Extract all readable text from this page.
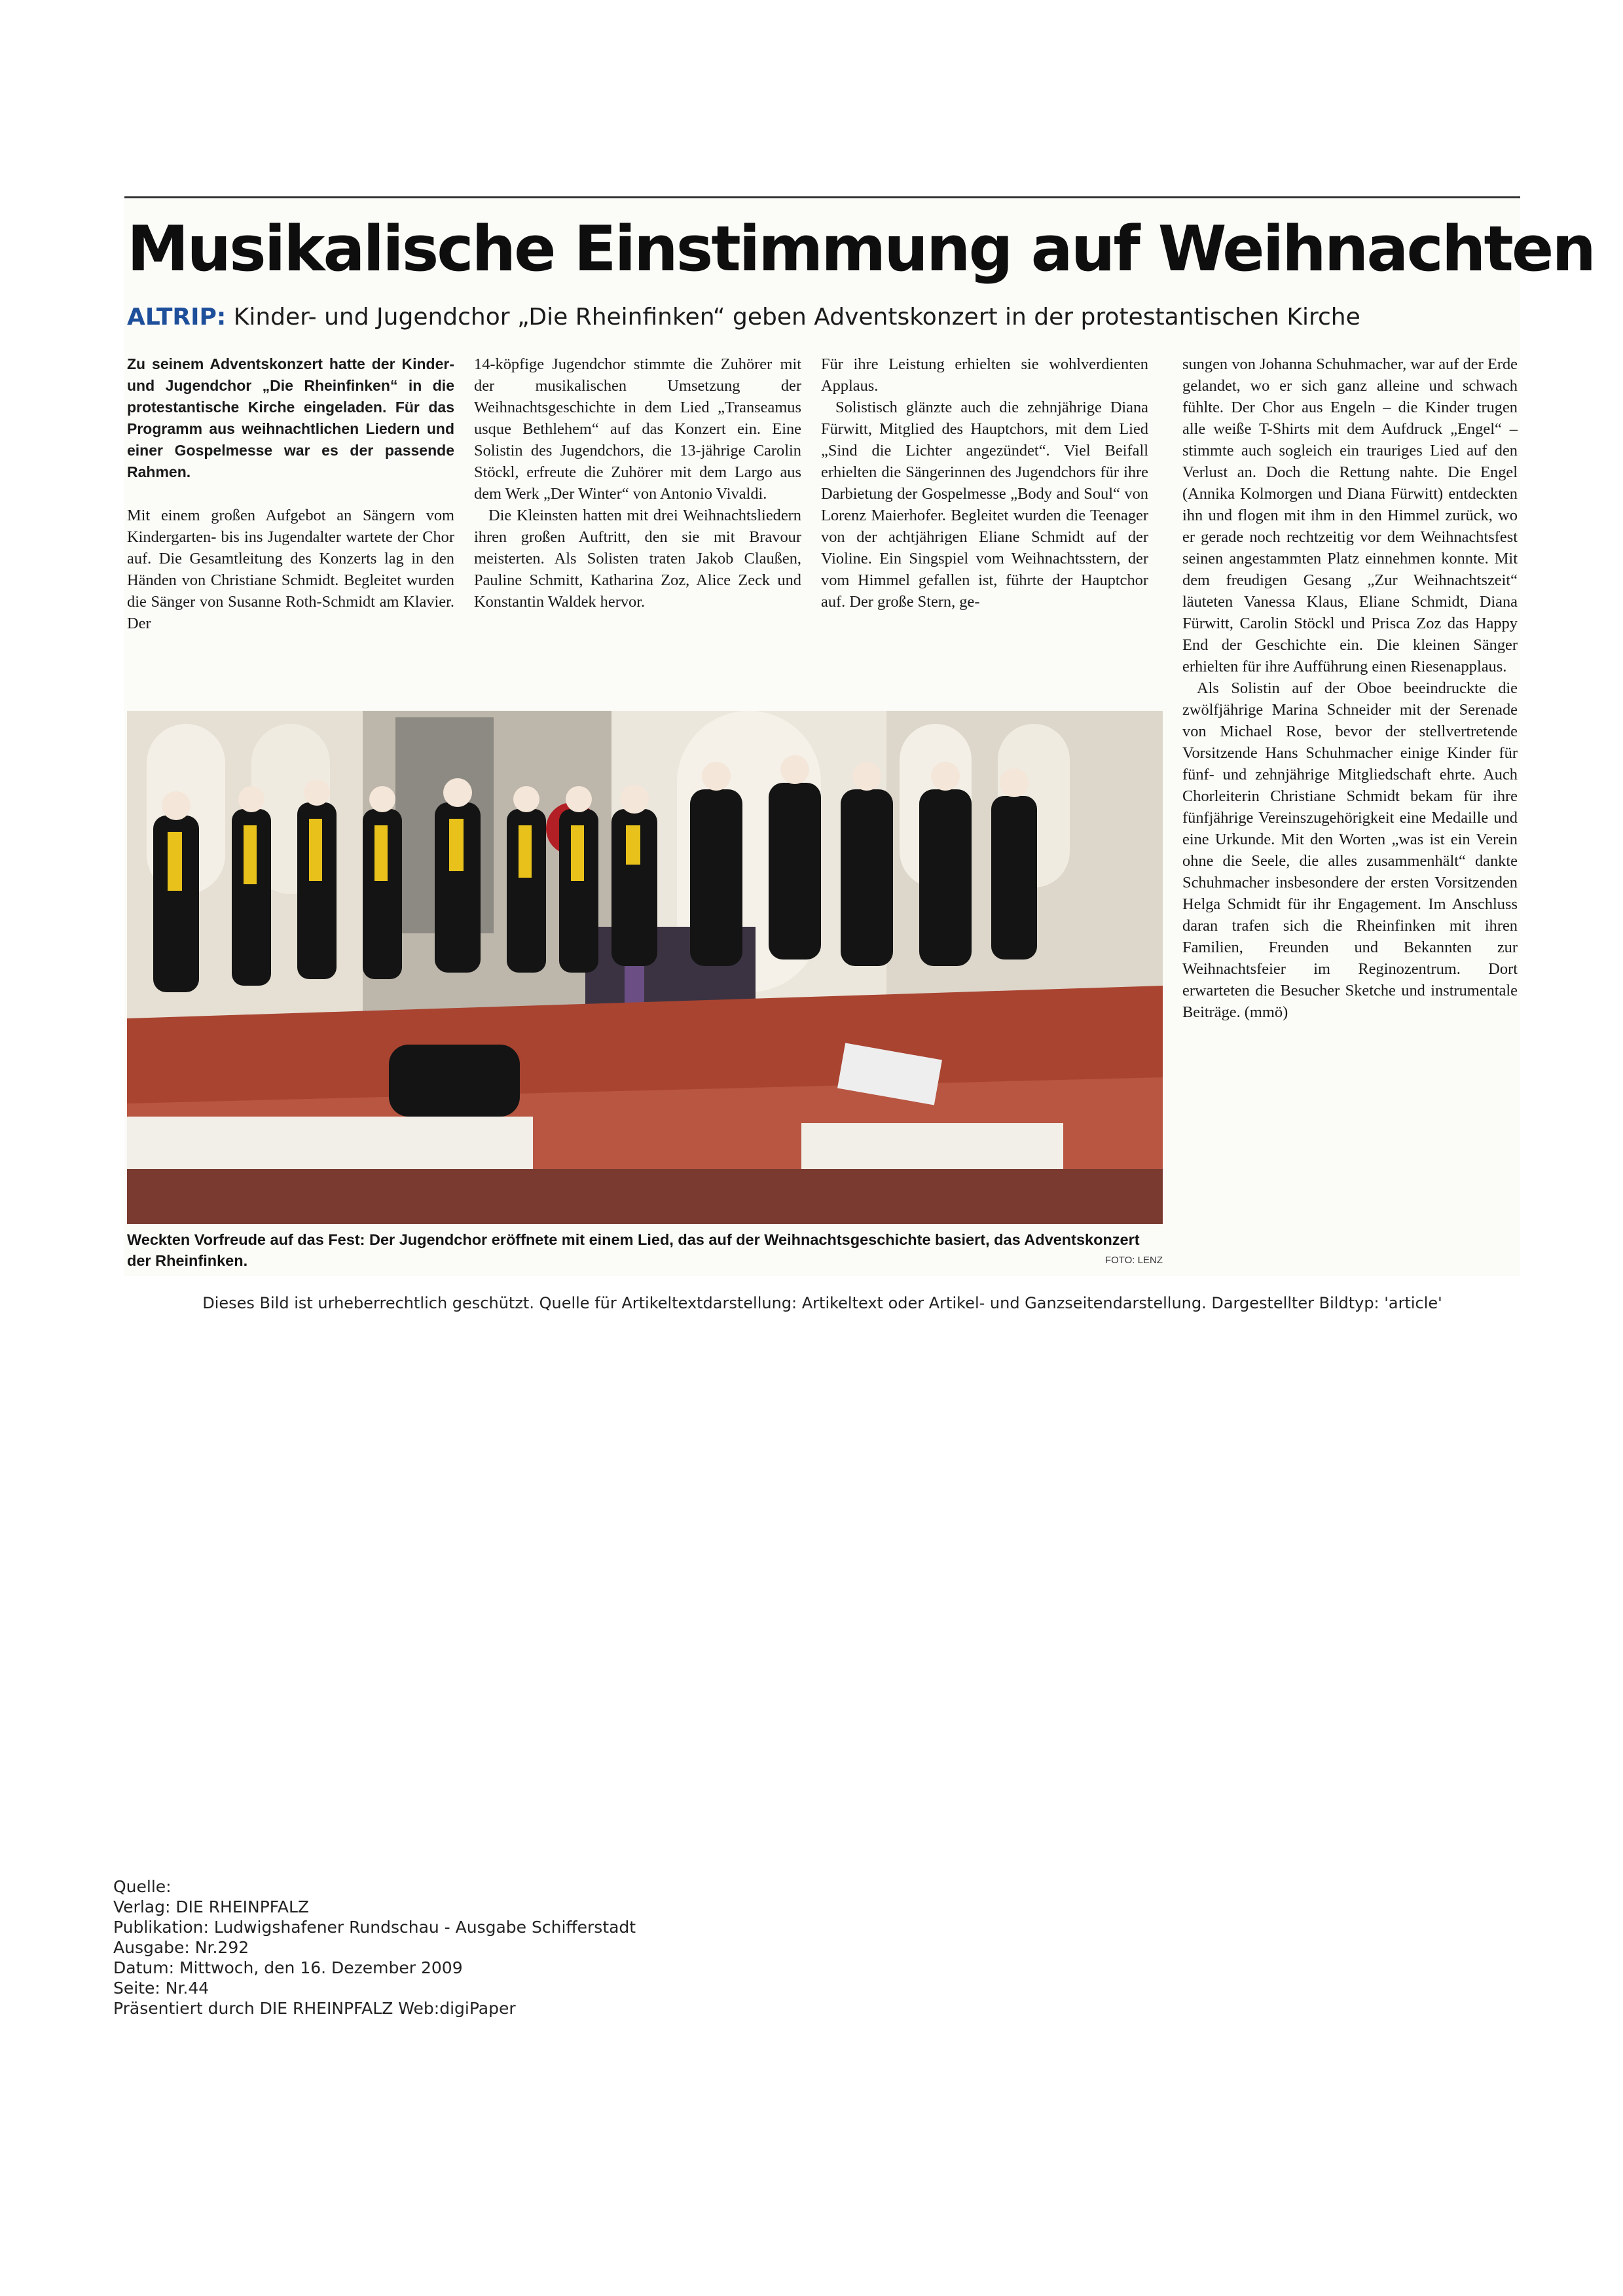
Musikalische Einstimmung auf Weihnachten
ALTRIP: Kinder- und Jugendchor „Die Rheinfinken“ geben Adventskonzert in der protestantischen Kirche

Zu seinem Adventskonzert hatte der Kinder- und Jugendchor „Die Rheinfinken“ in die protestantische Kirche eingeladen. Für das Programm aus weihnachtlichen Liedern und einer Gospelmesse war es der passende Rahmen.

Mit einem großen Aufgebot an Sängern vom Kindergarten- bis ins Jugendalter wartete der Chor auf. Die Gesamtleitung des Konzerts lag in den Händen von Christiane Schmidt. Begleitet wurden die Sänger von Susanne Roth-Schmidt am Klavier. Der

14-köpfige Jugendchor stimmte die Zuhörer mit der musikalischen Umsetzung der Weihnachtsgeschichte in dem Lied „Transeamus usque Bethlehem“ auf das Konzert ein. Eine Solistin des Jugendchors, die 13-jährige Carolin Stöckl, erfreute die Zuhörer mit dem Largo aus dem Werk „Der Winter“ von Antonio Vivaldi.

Die Kleinsten hatten mit drei Weihnachtsliedern ihren großen Auftritt, den sie mit Bravour meisterten. Als Solisten traten Jakob Claußen, Pauline Schmitt, Katharina Zoz, Alice Zeck und Konstantin Waldek hervor.

Für ihre Leistung erhielten sie wohlverdienten Applaus.

Solistisch glänzte auch die zehnjährige Diana Fürwitt, Mitglied des Hauptchors, mit dem Lied „Sind die Lichter angezündet“. Viel Beifall erhielten die Sängerinnen des Jugendchors für ihre Darbietung der Gospelmesse „Body and Soul“ von Lorenz Maierhofer. Begleitet wurden die Teenager von der achtjährigen Eliane Schmidt auf der Violine. Ein Singspiel vom Weihnachtsstern, der vom Himmel gefallen ist, führte der Hauptchor auf. Der große Stern, ge-

sungen von Johanna Schuhmacher, war auf der Erde gelandet, wo er sich ganz alleine und schwach fühlte. Der Chor aus Engeln – die Kinder trugen alle weiße T-Shirts mit dem Aufdruck „Engel“ – stimmte auch sogleich ein trauriges Lied auf den Verlust an. Doch die Rettung nahte. Die Engel (Annika Kolmorgen und Diana Fürwitt) entdeckten ihn und flogen mit ihm in den Himmel zurück, wo er gerade noch rechtzeitig vor dem Weihnachtsfest seinen angestammten Platz einnehmen konnte. Mit dem freudigen Gesang „Zur Weihnachtszeit“ läuteten Vanessa Klaus, Eliane Schmidt, Diana Fürwitt, Carolin Stöckl und Prisca Zoz das Happy End der Geschichte ein. Die kleinen Sänger erhielten für ihre Aufführung einen Riesenapplaus.

Als Solistin auf der Oboe beeindruckte die zwölfjährige Marina Schneider mit der Serenade von Michael Rose, bevor der stellvertretende Vorsitzende Hans Schuhmacher einige Kinder für fünf- und zehnjährige Mitgliedschaft ehrte. Auch Chorleiterin Christiane Schmidt bekam für ihre fünfjährige Vereinszugehörigkeit eine Medaille und eine Urkunde. Mit den Worten „was ist ein Verein ohne die Seele, die alles zusammenhält“ dankte Schuhmacher insbesondere der ersten Vorsitzenden Helga Schmidt für ihr Engagement. Im Anschluss daran trafen sich die Rheinfinken mit ihren Familien, Freunden und Bekannten zur Weihnachtsfeier im Reginozentrum. Dort erwarteten die Besucher Sketche und instrumentale Beiträge. (mmö)

Weckten Vorfreude auf das Fest: Der Jugendchor eröffnete mit einem Lied, das auf der Weihnachtsgeschichte basiert, das Adventskonzert der Rheinfinken.	FOTO: LENZ
Dieses Bild ist urheberrechtlich geschützt. Quelle für Artikeltextdarstellung: Artikeltext oder Artikel- und Ganzseitendarstellung. Dargestellter Bildtyp: 'article'
Quelle:
Verlag: DIE RHEINPFALZ
Publikation: Ludwigshafener Rundschau - Ausgabe Schifferstadt
Ausgabe: Nr.292
Datum: Mittwoch, den 16. Dezember 2009
Seite: Nr.44
Präsentiert durch DIE RHEINPFALZ Web:digiPaper
